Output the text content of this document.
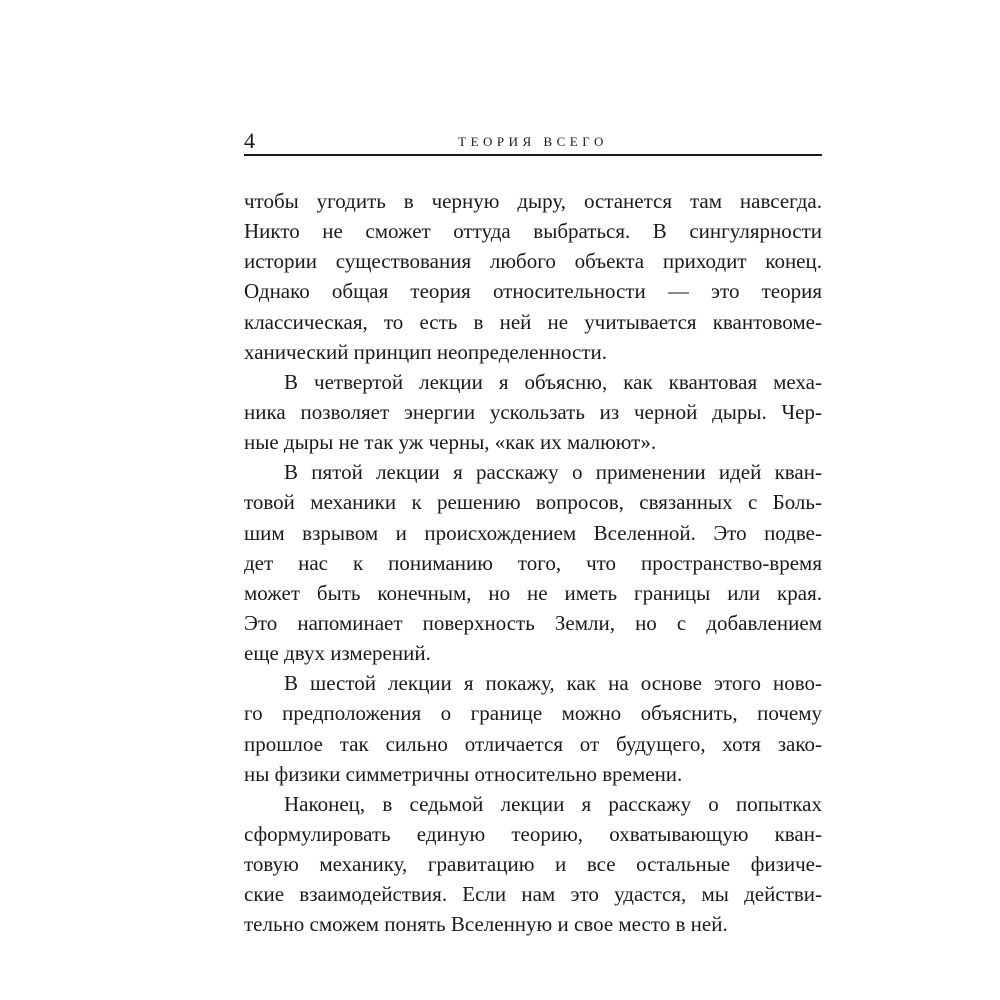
4	ТЕОРИЯ ВСЕГО
чтобы угодить в черную дыру, останется там навсегда.
Никто не сможет оттуда выбраться. В сингулярности
истории существования любого объекта приходит конец.
Однако общая теория относительности — это теория
классическая, то есть в ней не учитывается квантовоме-
ханический принцип неопределенности.
В четвертой лекции я объясню, как квантовая меха-
ника позволяет энергии ускользать из черной дыры. Чер-
ные дыры не так уж черны, «как их малюют».
В пятой лекции я расскажу о применении идей кван-
товой механики к решению вопросов, связанных с Боль-
шим взрывом и происхождением Вселенной. Это подве-
дет нас к пониманию того, что пространство-время
может быть конечным, но не иметь границы или края.
Это напоминает поверхность Земли, но с добавлением
еще двух измерений.
В шестой лекции я покажу, как на основе этого ново-
го предположения о границе можно объяснить, почему
прошлое так сильно отличается от будущего, хотя зако-
ны физики симметричны относительно времени.
Наконец, в седьмой лекции я расскажу о попытках
сформулировать единую теорию, охватывающую кван-
товую механику, гравитацию и все остальные физиче-
ские взаимодействия. Если нам это удастся, мы действи-
тельно сможем понять Вселенную и свое место в ней.
